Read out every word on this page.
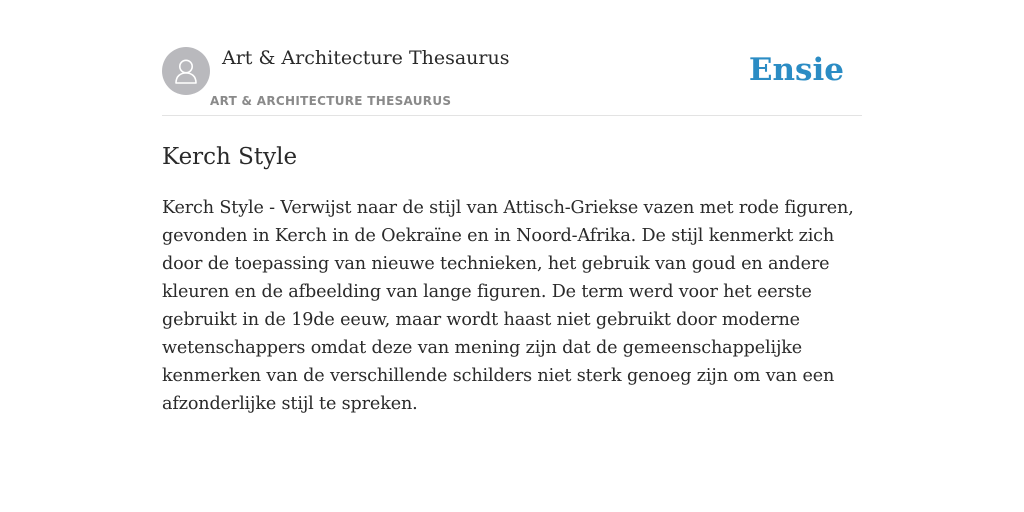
Art & Architecture Thesaurus
ART & ARCHITECTURE THESAURUS
Ensie
Kerch Style

Kerch Style - Verwijst naar de stijl van Attisch-Griekse vazen met rode figuren, gevonden in Kerch in de Oekraïne en in Noord-Afrika. De stijl kenmerkt zich door de toepassing van nieuwe technieken, het gebruik van goud en andere kleuren en de afbeelding van lange figuren. De term werd voor het eerste gebruikt in de 19de eeuw, maar wordt haast niet gebruikt door moderne wetenschappers omdat deze van mening zijn dat de gemeenschappelijke kenmerken van de verschillende schilders niet sterk genoeg zijn om van een afzonderlijke stijl te spreken.
